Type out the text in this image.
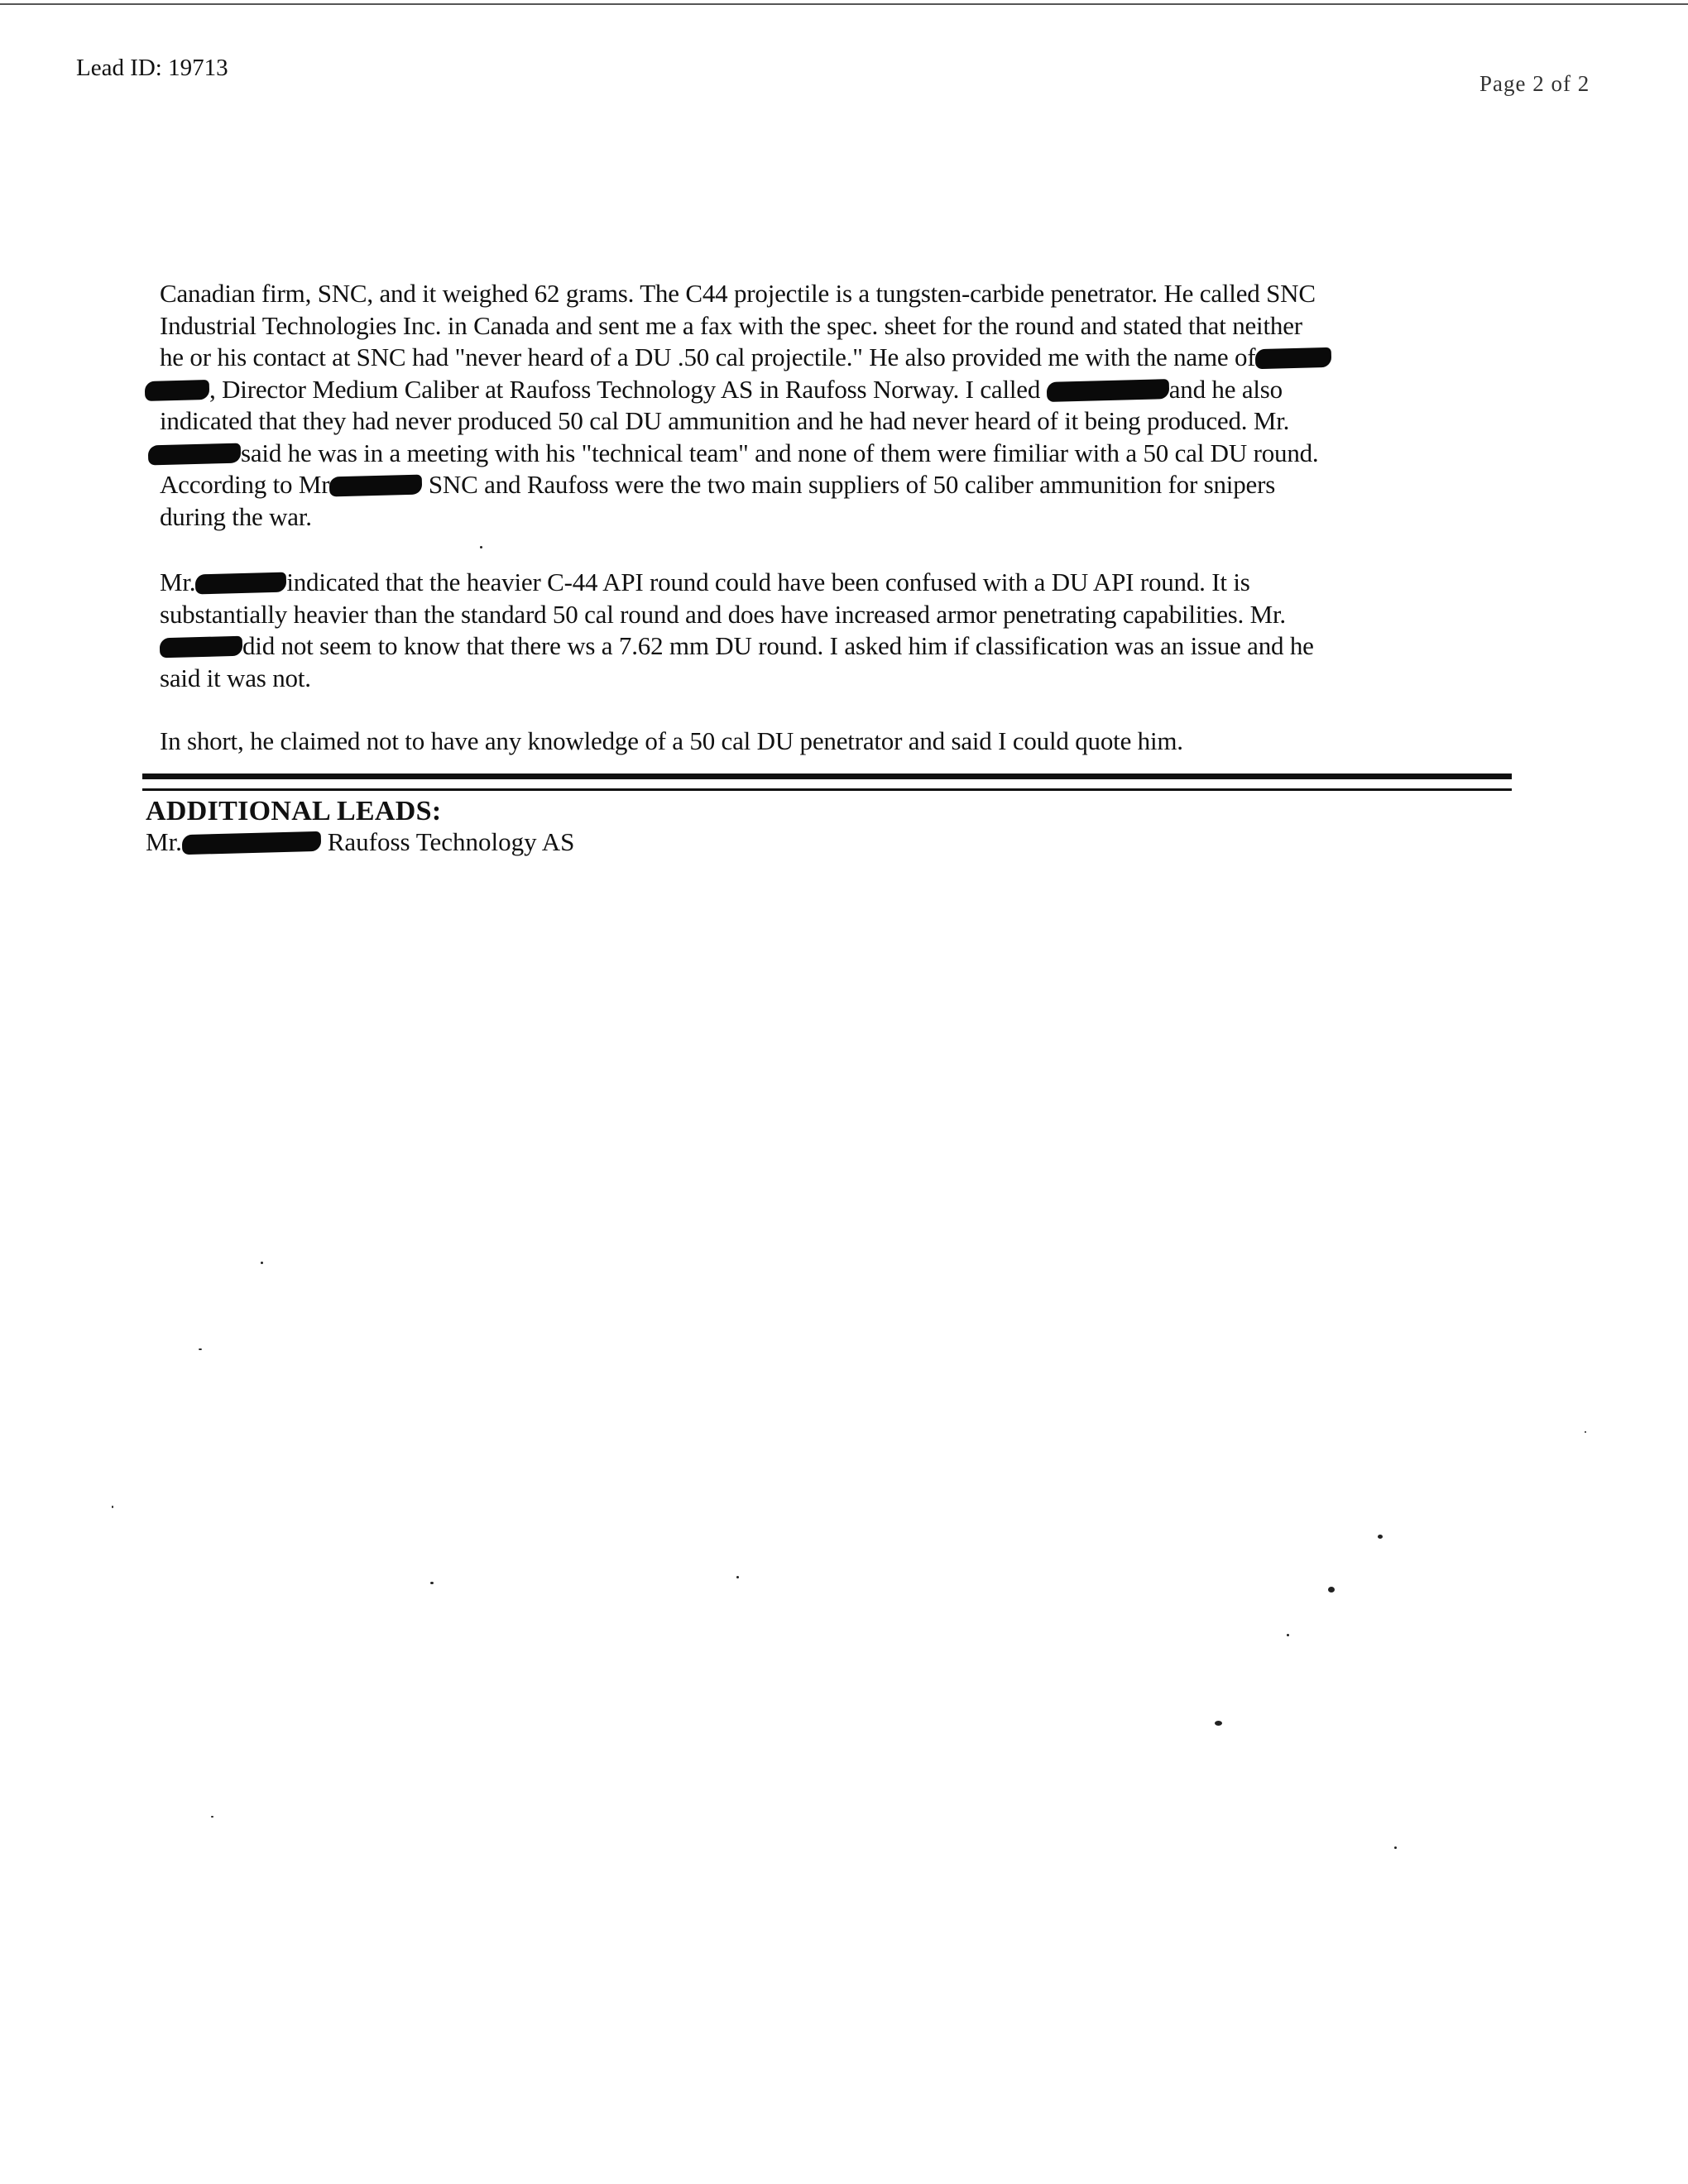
Lead ID: 19713
Page 2 of 2
Canadian firm, SNC, and it weighed 62 grams. The C44 projectile is a tungsten-carbide penetrator. He called SNC
Industrial Technologies Inc. in Canada and sent me a fax with the spec. sheet for the round and stated that neither
he or his contact at SNC had "never heard of a DU .50 cal projectile." He also provided me with the name of
, Director Medium Caliber at Raufoss Technology AS in Raufoss Norway. I called	and he also
indicated that they had never produced 50 cal DU ammunition and he had never heard of it being produced. Mr.
said he was in a meeting with his "technical team" and none of them were fimiliar with a 50 cal DU round.
According to Mr	SNC and Raufoss were the two main suppliers of 50 caliber ammunition for snipers
during the war.
Mr.	indicated that the heavier C-44 API round could have been confused with a DU API round. It is
substantially heavier than the standard 50 cal round and does have increased armor penetrating capabilities. Mr.
did not seem to know that there ws a 7.62 mm DU round. I asked him if classification was an issue and he
said it was not.
In short, he claimed not to have any knowledge of a 50 cal DU penetrator and said I could quote him.
ADDITIONAL LEADS:
Mr.	Raufoss Technology AS
